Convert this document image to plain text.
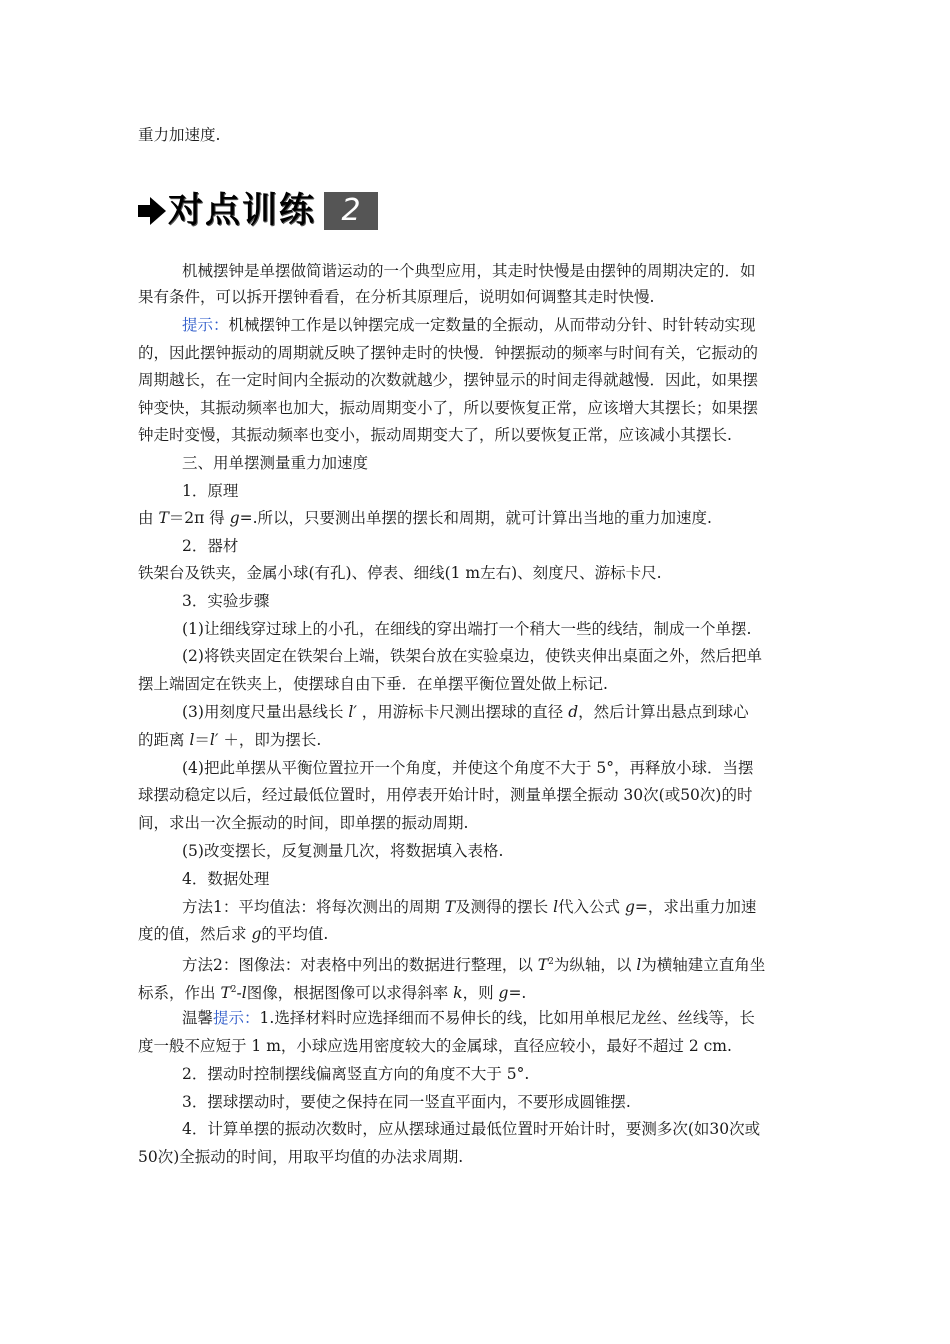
重力加速度.
机械摆钟是单摆做简谐运动的一个典型应用，其走时快慢是由摆钟的周期决定的．如
果有条件，可以拆开摆钟看看，在分析其原理后，说明如何调整其走时快慢.
提示：机械摆钟工作是以钟摆完成一定数量的全振动，从而带动分针、时针转动实现
的，因此摆钟振动的周期就反映了摆钟走时的快慢．钟摆振动的频率与时间有关，它振动的
周期越长，在一定时间内全振动的次数就越少，摆钟显示的时间走得就越慢．因此，如果摆
钟变快，其振动频率也加大，振动周期变小了，所以要恢复正常，应该增大其摆长；如果摆
钟走时变慢，其振动频率也变小，振动周期变大了，所以要恢复正常，应该减小其摆长.
三、用单摆测量重力加速度
1．原理
由 T＝2π 得 g=.所以，只要测出单摆的摆长和周期，就可计算出当地的重力加速度.
2．器材
铁架台及铁夹，金属小球(有孔)、停表、细线(1 m左右)、刻度尺、游标卡尺.
3．实验步骤
(1)让细线穿过球上的小孔，在细线的穿出端打一个稍大一些的线结，制成一个单摆.
(2)将铁夹固定在铁架台上端，铁架台放在实验桌边，使铁夹伸出桌面之外，然后把单
摆上端固定在铁夹上，使摆球自由下垂．在单摆平衡位置处做上标记.
(3)用刻度尺量出悬线长 l′ ，用游标卡尺测出摆球的直径 d，然后计算出悬点到球心
的距离 l＝l′ ＋，即为摆长.
(4)把此单摆从平衡位置拉开一个角度，并使这个角度不大于 5°，再释放小球．当摆
球摆动稳定以后，经过最低位置时，用停表开始计时，测量单摆全振动 30次(或50次)的时
间，求出一次全振动的时间，即单摆的振动周期.
(5)改变摆长，反复测量几次，将数据填入表格.
4．数据处理
方法1：平均值法：将每次测出的周期 T及测得的摆长 l代入公式 g=，求出重力加速
度的值，然后求 g的平均值.
方法2：图像法：对表格中列出的数据进行整理，以 $T^2$为纵轴，以 l为横轴建立直角坐
标系，作出 $T^2-l$图像，根据图像可以求得斜率 k，则 g=.
温馨提示：1.选择材料时应选择细而不易伸长的线，比如用单根尼龙丝、丝线等，长
度一般不应短于 1 m，小球应选用密度较大的金属球，直径应较小，最好不超过 2 cm.
2．摆动时控制摆线偏离竖直方向的角度不大于 5°.
3．摆球摆动时，要使之保持在同一竖直平面内，不要形成圆锥摆.
4．计算单摆的振动次数时，应从摆球通过最低位置时开始计时，要测多次(如30次或
50次)全振动的时间，用取平均值的办法求周期.
对点训练 2
